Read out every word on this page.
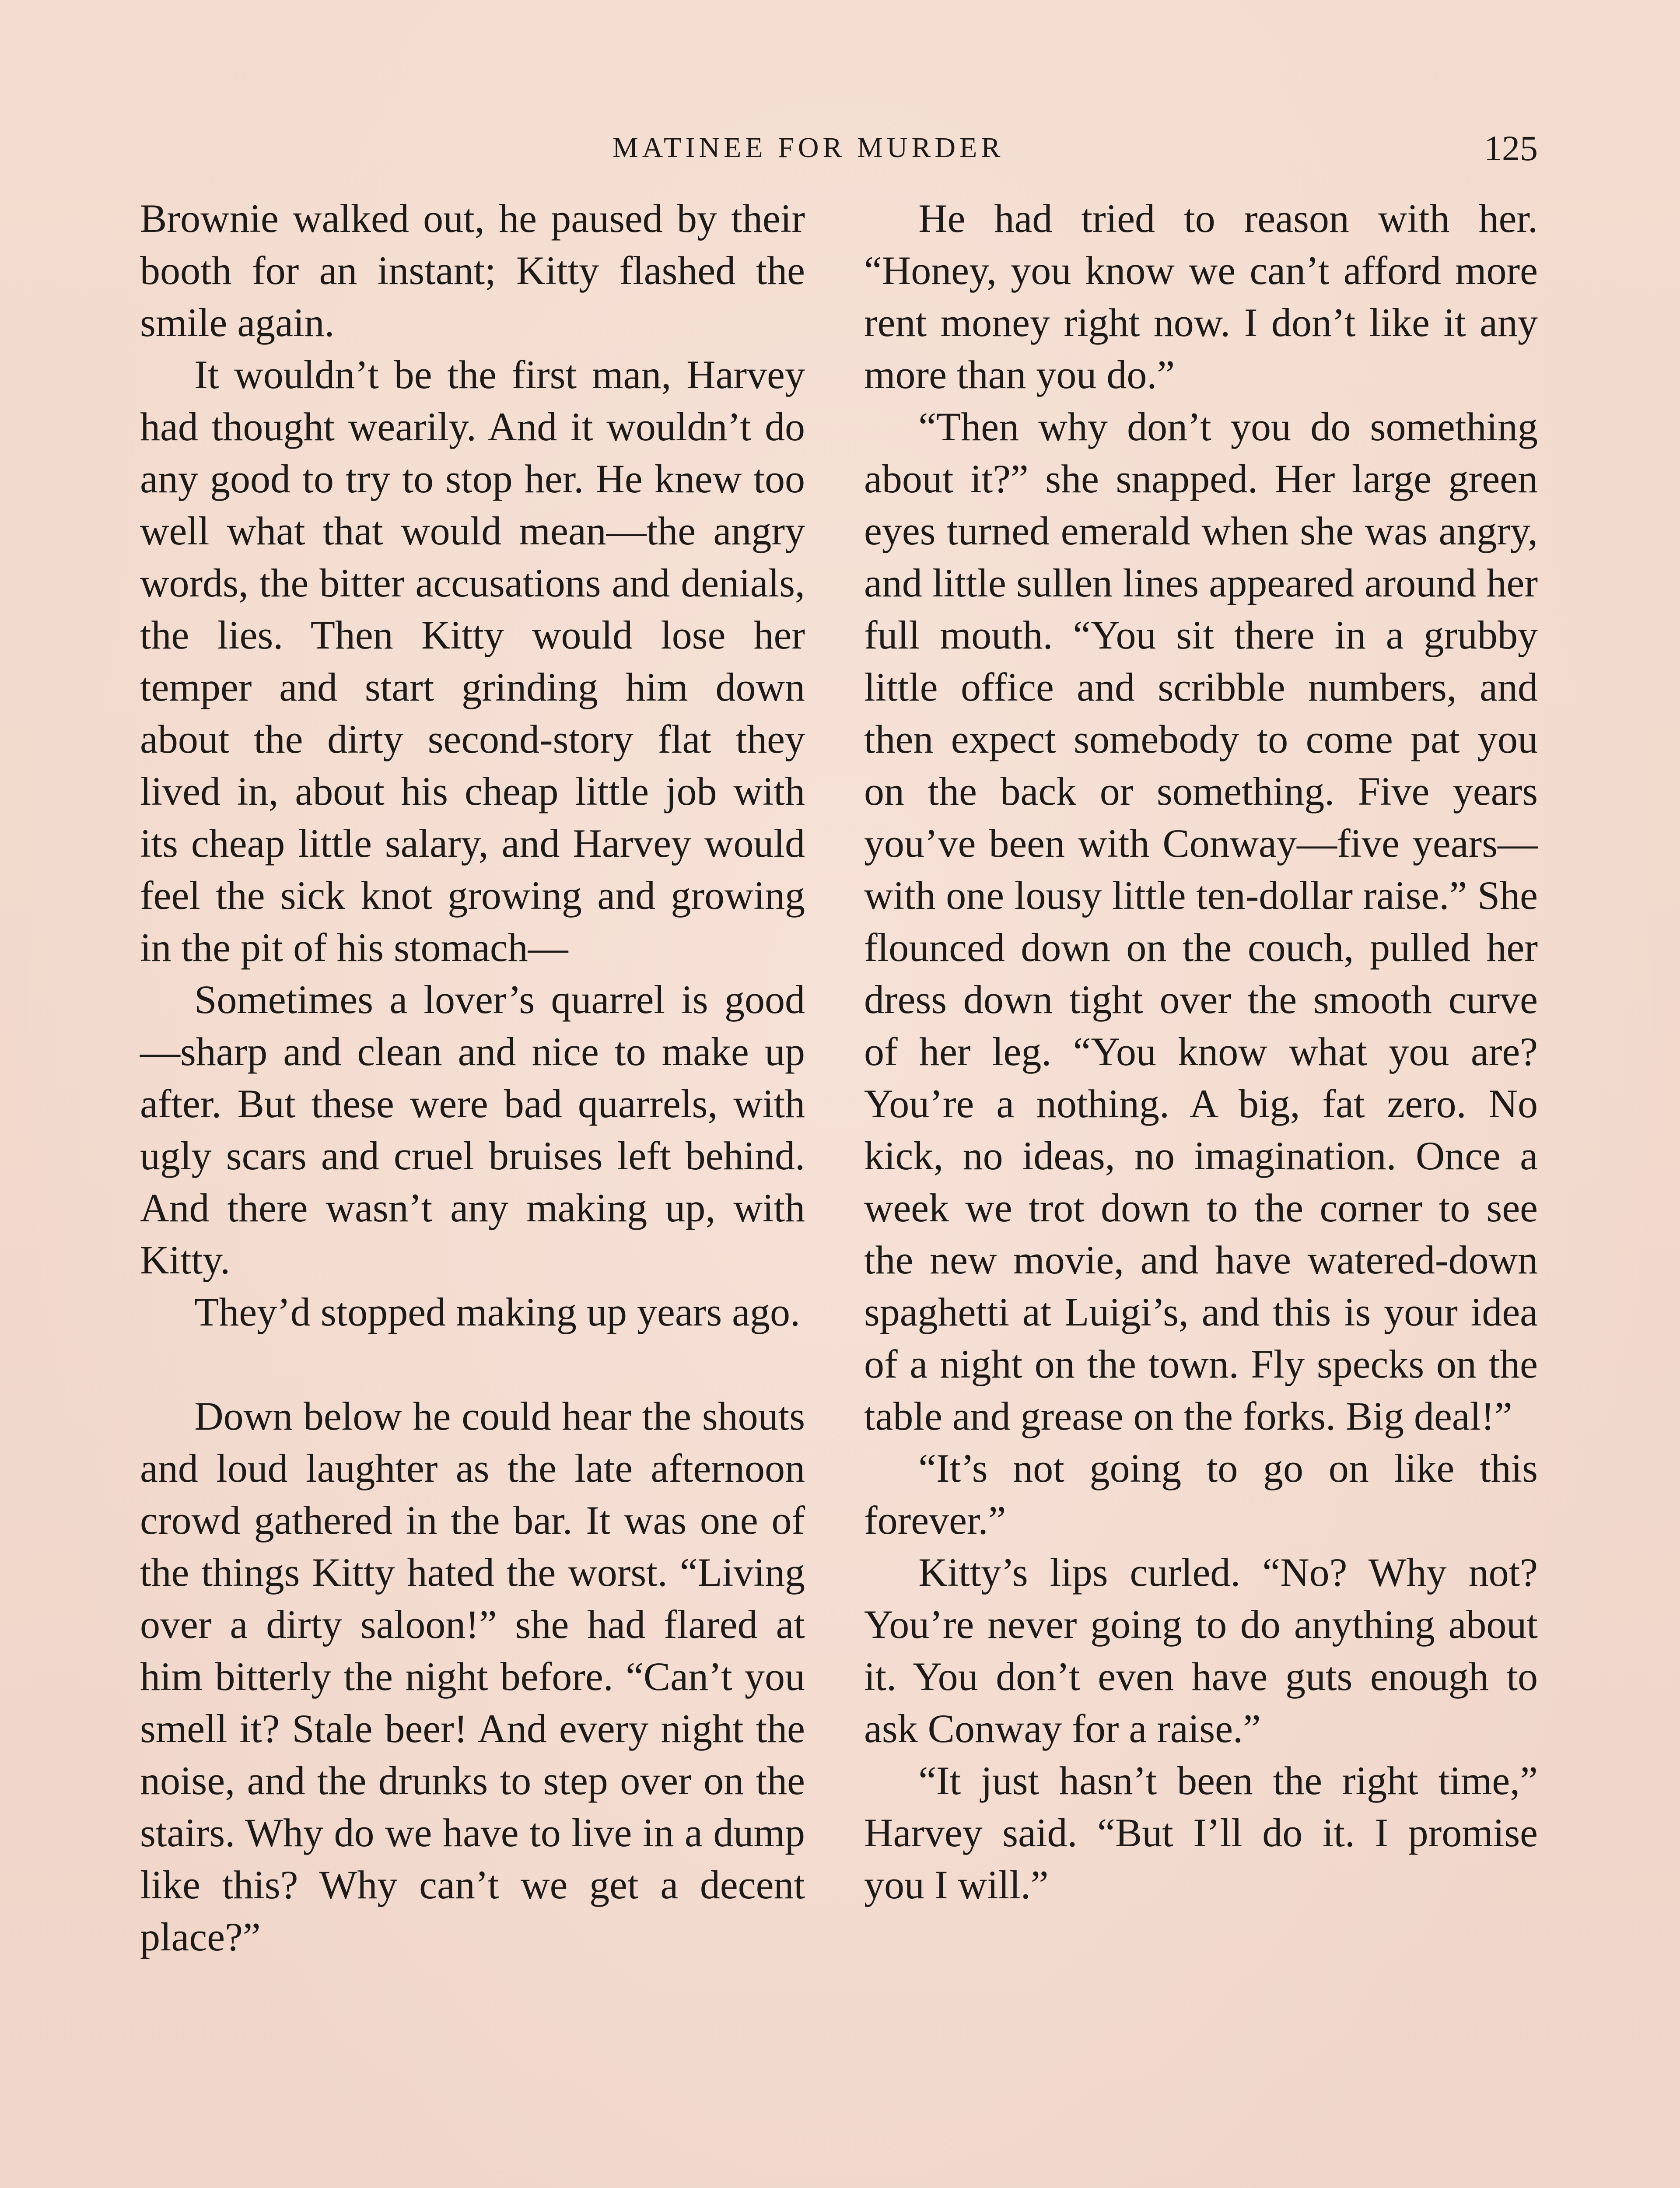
MATINEE FOR MURDER	125

Brownie walked out, he paused by their booth for an instant; Kitty flashed the smile again.

It wouldn’t be the first man, Harvey had thought wearily. And it wouldn’t do any good to try to stop her. He knew too well what that would mean—the angry words, the bitter accusations and denials, the lies. Then Kitty would lose her temper and start grinding him down about the dirty second-story flat they lived in, about his cheap little job with its cheap little salary, and Harvey would feel the sick knot growing and growing in the pit of his stomach—

Sometimes a lover’s quarrel is good—sharp and clean and nice to make up after. But these were bad quarrels, with ugly scars and cruel bruises left behind. And there wasn’t any making up, with Kitty.

They’d stopped making up years ago.

Down below he could hear the shouts and loud laughter as the late afternoon crowd gathered in the bar. It was one of the things Kitty hated the worst. “Living over a dirty saloon!” she had flared at him bitterly the night before. “Can’t you smell it? Stale beer! And every night the noise, and the drunks to step over on the stairs. Why do we have to live in a dump like this? Why can’t we get a decent place?”

He had tried to reason with her. “Honey, you know we can’t afford more rent money right now. I don’t like it any more than you do.”

“Then why don’t you do something about it?” she snapped. Her large green eyes turned emerald when she was angry, and little sullen lines appeared around her full mouth. “You sit there in a grubby little office and scribble numbers, and then expect somebody to come pat you on the back or something. Five years you’ve been with Conway—five years—with one lousy little ten-dollar raise.” She flounced down on the couch, pulled her dress down tight over the smooth curve of her leg. “You know what you are? You’re a nothing. A big, fat zero. No kick, no ideas, no imagination. Once a week we trot down to the corner to see the new movie, and have watered-down spaghetti at Luigi’s, and this is your idea of a night on the town. Fly specks on the table and grease on the forks. Big deal!”

“It’s not going to go on like this forever.”

Kitty’s lips curled. “No? Why not? You’re never going to do anything about it. You don’t even have guts enough to ask Conway for a raise.”

“It just hasn’t been the right time,” Harvey said. “But I’ll do it. I promise you I will.”
